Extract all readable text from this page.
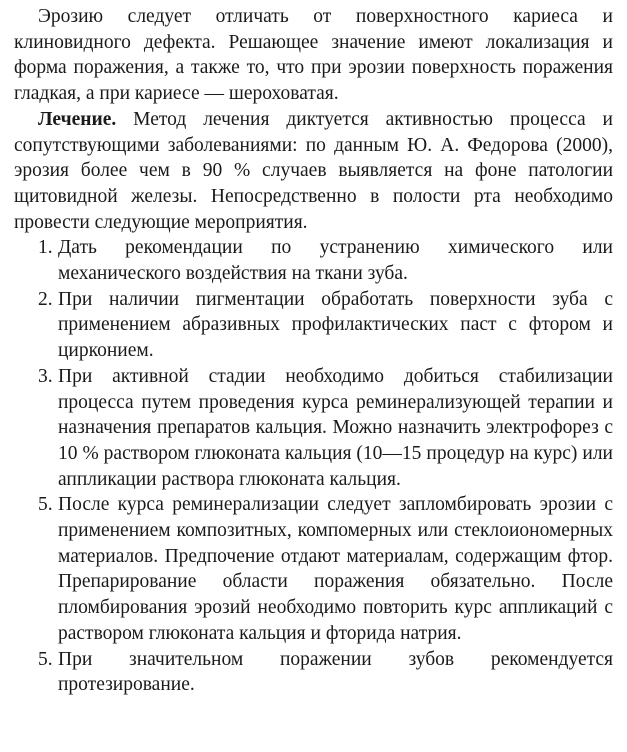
Эрозию следует отличать от поверхностного кариеса и клиновидного дефекта. Решающее значение имеют локализация и форма поражения, а также то, что при эрозии поверхность поражения гладкая, а при кариесе — шероховатая.

Лечение. Метод лечения диктуется активностью процесса и сопутствующими заболеваниями: по данным Ю. А. Федорова (2000), эрозия более чем в 90 % случаев выявляется на фоне патологии щитовидной железы. Непосредственно в полости рта необходимо провести следующие мероприятия.

1. Дать рекомендации по устранению химического или механического воздействия на ткани зуба.
2. При наличии пигментации обработать поверхности зуба с применением абразивных профилактических паст с фтором и цирконием.
3. При активной стадии необходимо добиться стабилизации процесса путем проведения курса реминерализующей терапии и назначения препаратов кальция. Можно назначить электрофорез с 10 % раствором глюконата кальция (10—15 процедур на курс) или аппликации раствора глюконата кальция.
5. После курса реминерализации следует запломбировать эрозии с применением композитных, компомерных или стеклоиономерных материалов. Предпочение отдают материалам, содержащим фтор. Препарирование области поражения обязательно. После пломбирования эрозий необходимо повторить курс аппликаций с раствором глюконата кальция и фторида натрия.
5. При значительном поражении зубов рекомендуется протезирование.
